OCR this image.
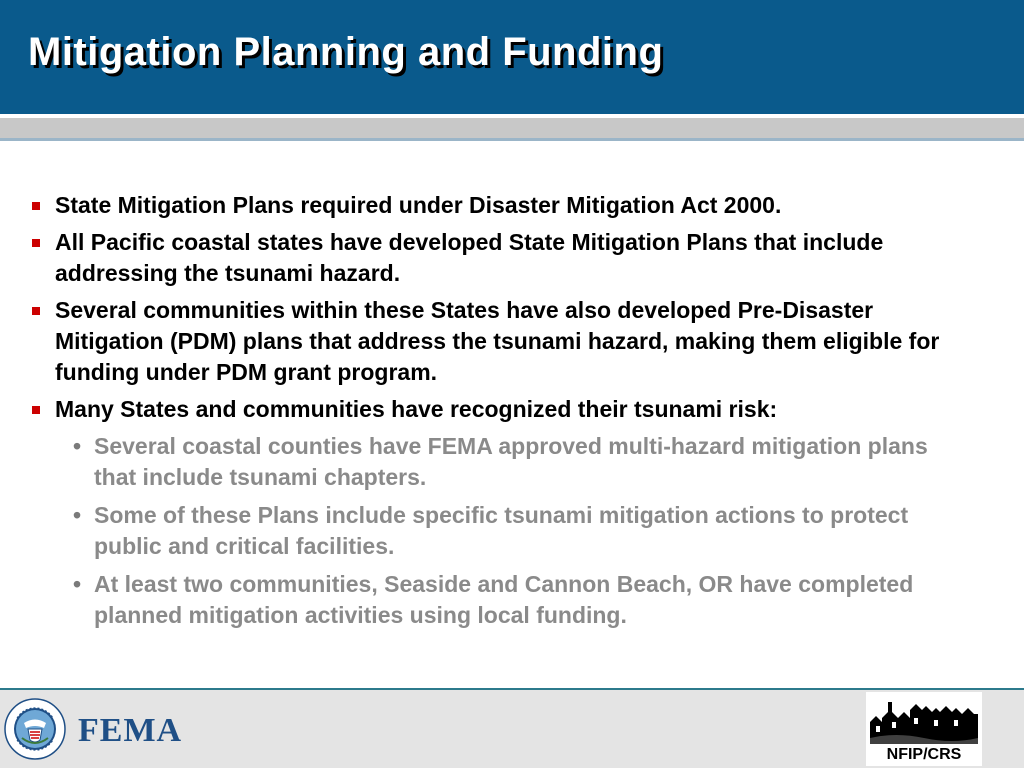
Mitigation Planning and Funding
State Mitigation Plans required under Disaster Mitigation Act 2000.
All Pacific coastal states have developed State Mitigation Plans that include addressing the tsunami hazard.
Several communities within these States have also developed Pre-Disaster Mitigation (PDM) plans that address the tsunami hazard, making them eligible for funding under PDM grant program.
Many States and communities have recognized their tsunami risk:
• Several coastal counties have FEMA approved multi-hazard mitigation plans that include tsunami chapters.
• Some of these Plans include specific tsunami mitigation actions to protect public and critical facilities.
• At least two communities, Seaside and Cannon Beach, OR have completed planned mitigation activities using local funding.
FEMA
NFIP/CRS
